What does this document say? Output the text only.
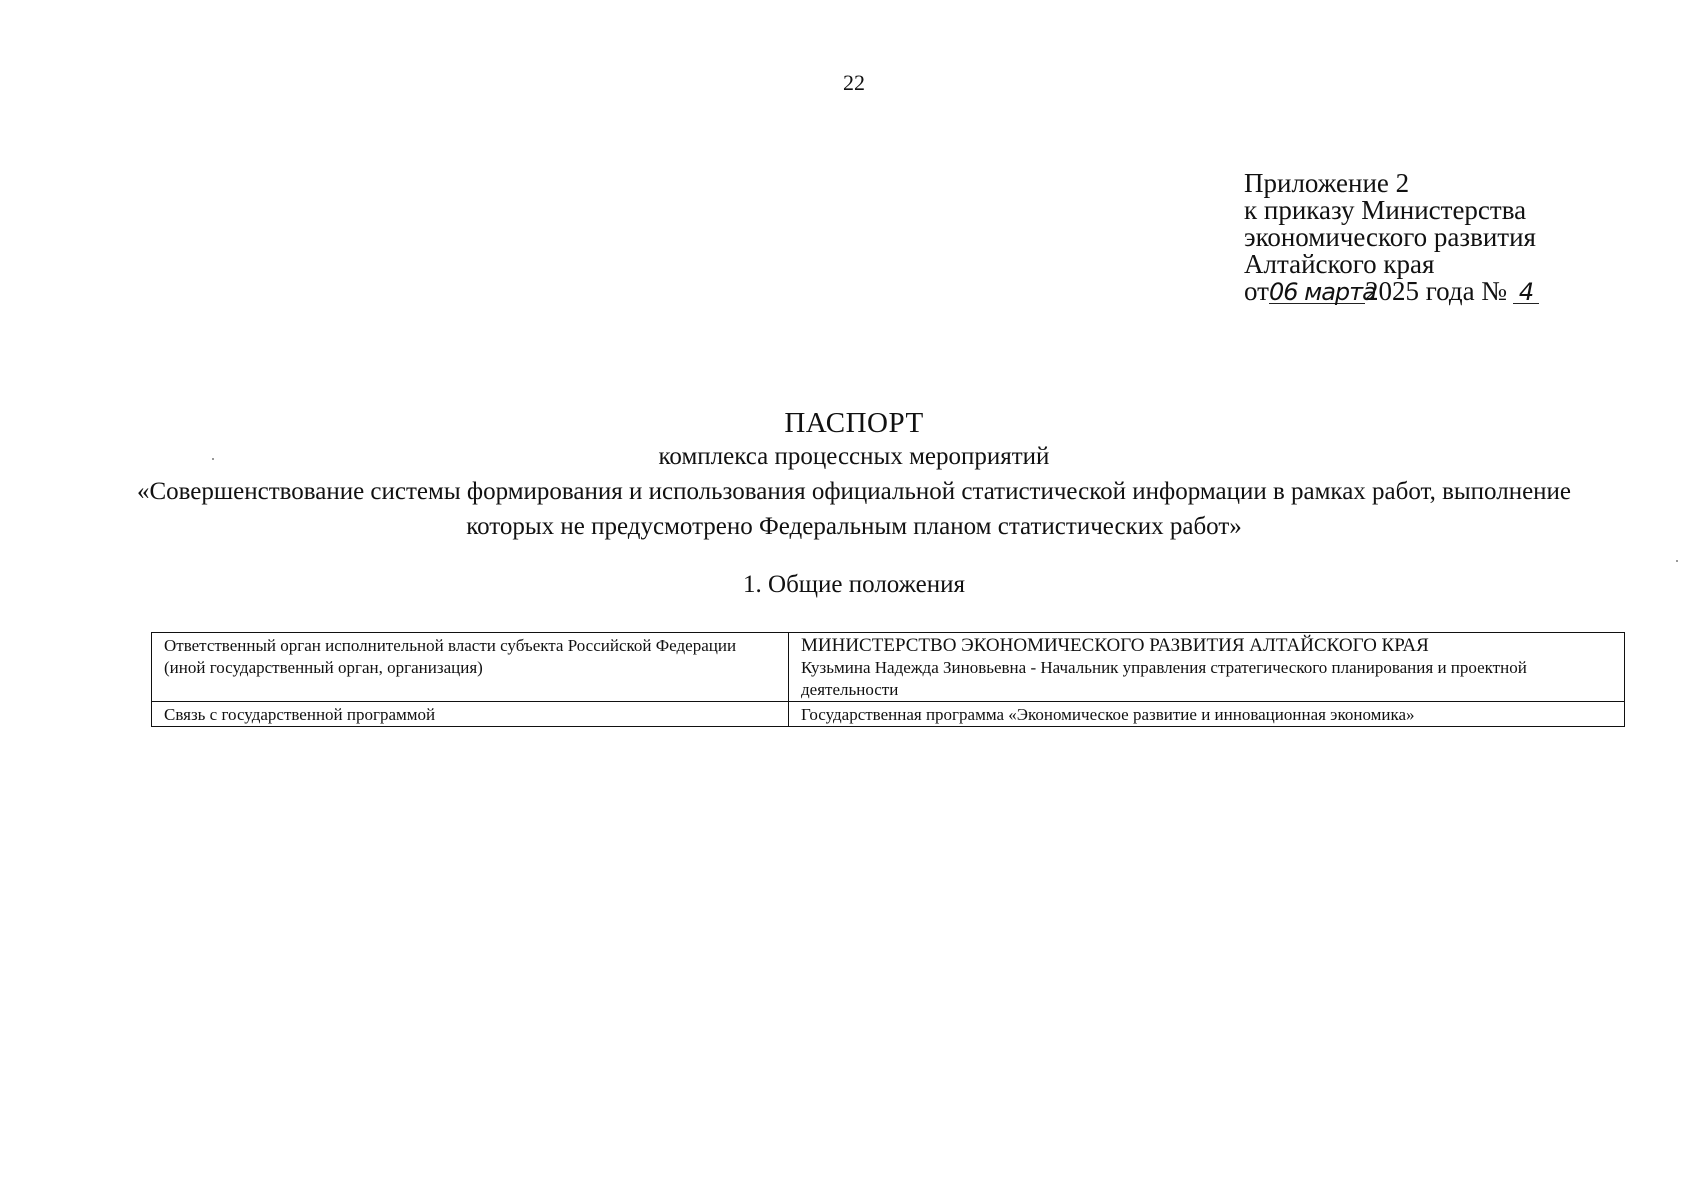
22
Приложение 2
к приказу Министерства
экономического развития
Алтайского края
от06 марта2025 года № 4
ПАСПОРТ
комплекса процессных мероприятий
«Совершенствование системы формирования и использования официальной статистической информации в рамках работ, выполнение которых не предусмотрено Федеральным планом статистических работ»
1. Общие положения
Ответственный орган исполнительной власти субъекта Российской Федерации (иной государственный орган, организация)	МИНИСТЕРСТВО ЭКОНОМИЧЕСКОГО РАЗВИТИЯ АЛТАЙСКОГО КРАЯ
Кузьмина Надежда Зиновьевна - Начальник управления стратегического планирования и проектной деятельности
Связь с государственной программой	Государственная программа «Экономическое развитие и инновационная экономика»
